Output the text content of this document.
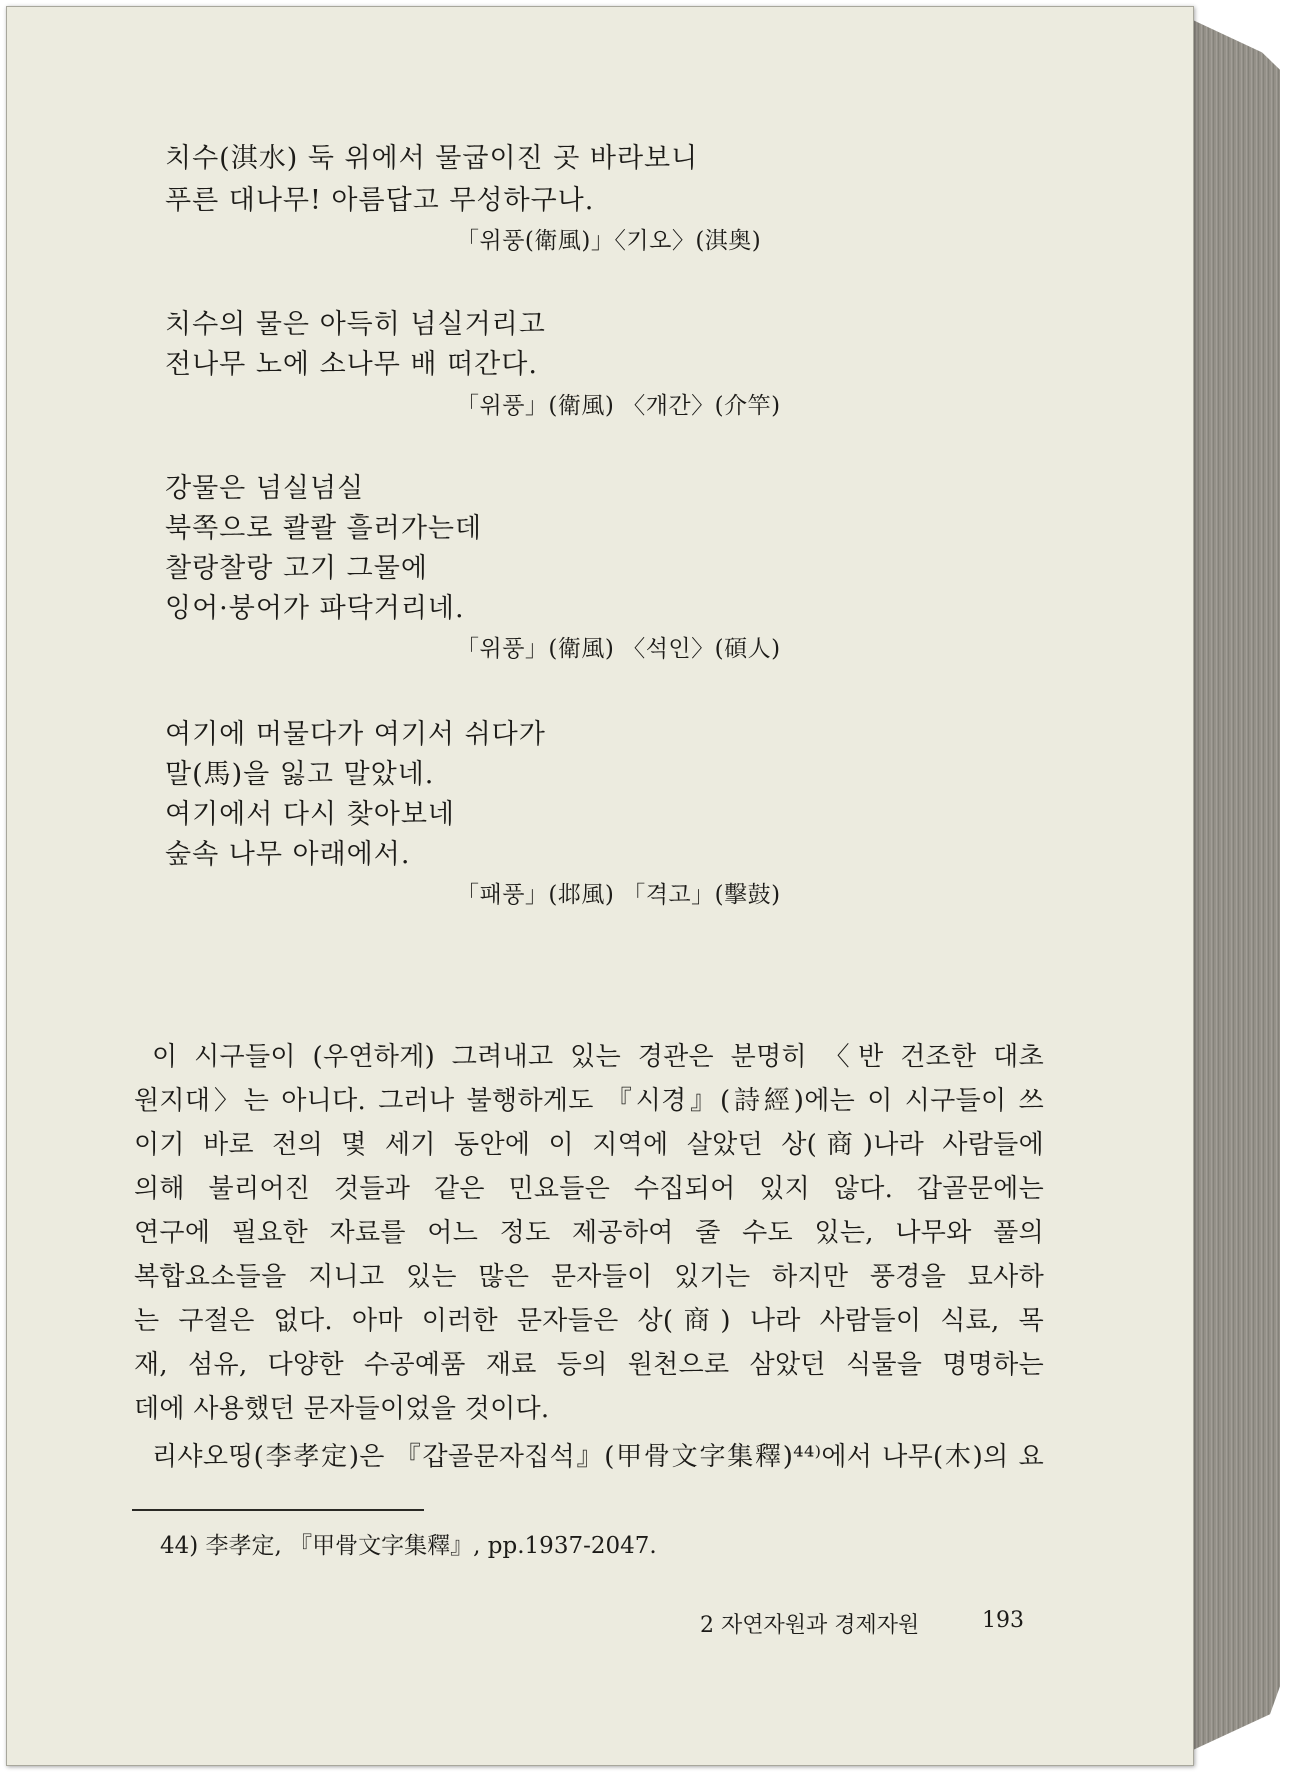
치수(淇水) 둑 위에서 물굽이진 곳 바라보니
푸른 대나무! 아름답고 무성하구나.
「위풍(衛風)」〈기오〉(淇奥)
치수의 물은 아득히 넘실거리고
전나무 노에 소나무 배 떠간다.
「위풍」(衛風) 〈개간〉(介竿)
강물은 넘실넘실
북쪽으로 콸콸 흘러가는데
찰랑찰랑 고기 그물에
잉어·붕어가 파닥거리네.
「위풍」(衛風) 〈석인〉(碩人)
여기에 머물다가 여기서 쉬다가
말(馬)을 잃고 말았네.
여기에서 다시 찾아보네
숲속 나무 아래에서.
「패풍」(邶風) 「격고」(擊鼓)
이 시구들이 (우연하게) 그려내고 있는 경관은 분명히 〈반 건조한 대초
원지대〉는 아니다. 그러나 불행하게도 『시경』(詩經)에는 이 시구들이 쓰
이기 바로 전의 몇 세기 동안에 이 지역에 살았던 상(商)나라 사람들에
의해 불리어진 것들과 같은 민요들은 수집되어 있지 않다. 갑골문에는
연구에 필요한 자료를 어느 정도 제공하여 줄 수도 있는, 나무와 풀의
복합요소들을 지니고 있는 많은 문자들이 있기는 하지만 풍경을 묘사하
는 구절은 없다. 아마 이러한 문자들은 상(商) 나라 사람들이 식료, 목
재, 섬유, 다양한 수공예품 재료 등의 원천으로 삼았던 식물을 명명하는
데에 사용했던 문자들이었을 것이다.
리샤오띵(李孝定)은 『갑골문자집석』(甲骨文字集釋)⁴⁴⁾에서 나무(木)의 요
44) 李孝定, 『甲骨文字集釋』, pp.1937-2047.
2 자연자원과 경제자원	193
